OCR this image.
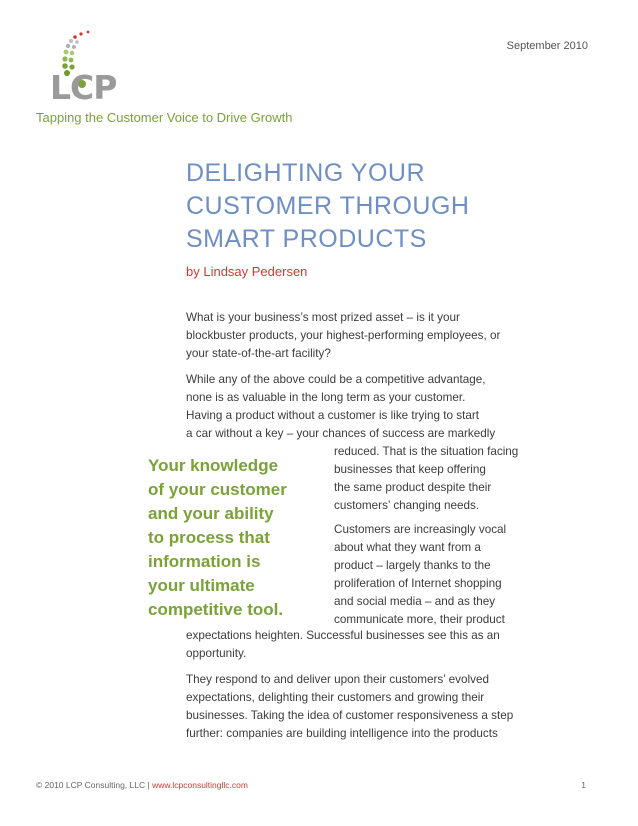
September 2010
LCP
Tapping the Customer Voice to Drive Growth
DELIGHTING YOUR
CUSTOMER THROUGH
SMART PRODUCTS
by Lindsay Pedersen
What is your business’s most prized asset – is it your
blockbuster products, your highest-performing employees, or
your state-of-the-art facility?
While any of the above could be a competitive advantage,
none is as valuable in the long term as your customer.
Having a product without a customer is like trying to start
a car without a key – your chances of success are markedly
reduced. That is the situation facing
businesses that keep offering
the same product despite their
customers’ changing needs.
Your knowledge
of your customer
and your ability
to process that
information is
your ultimate
competitive tool.
Customers are increasingly vocal
about what they want from a
product – largely thanks to the
proliferation of Internet shopping
and social media – and as they
communicate more, their product
expectations heighten. Successful businesses see this as an
opportunity.
They respond to and deliver upon their customers’ evolved
expectations, delighting their customers and growing their
businesses. Taking the idea of customer responsiveness a step
further: companies are building intelligence into the products
© 2010 LCP Consulting, LLC | www.lcpconsultingllc.com	1
